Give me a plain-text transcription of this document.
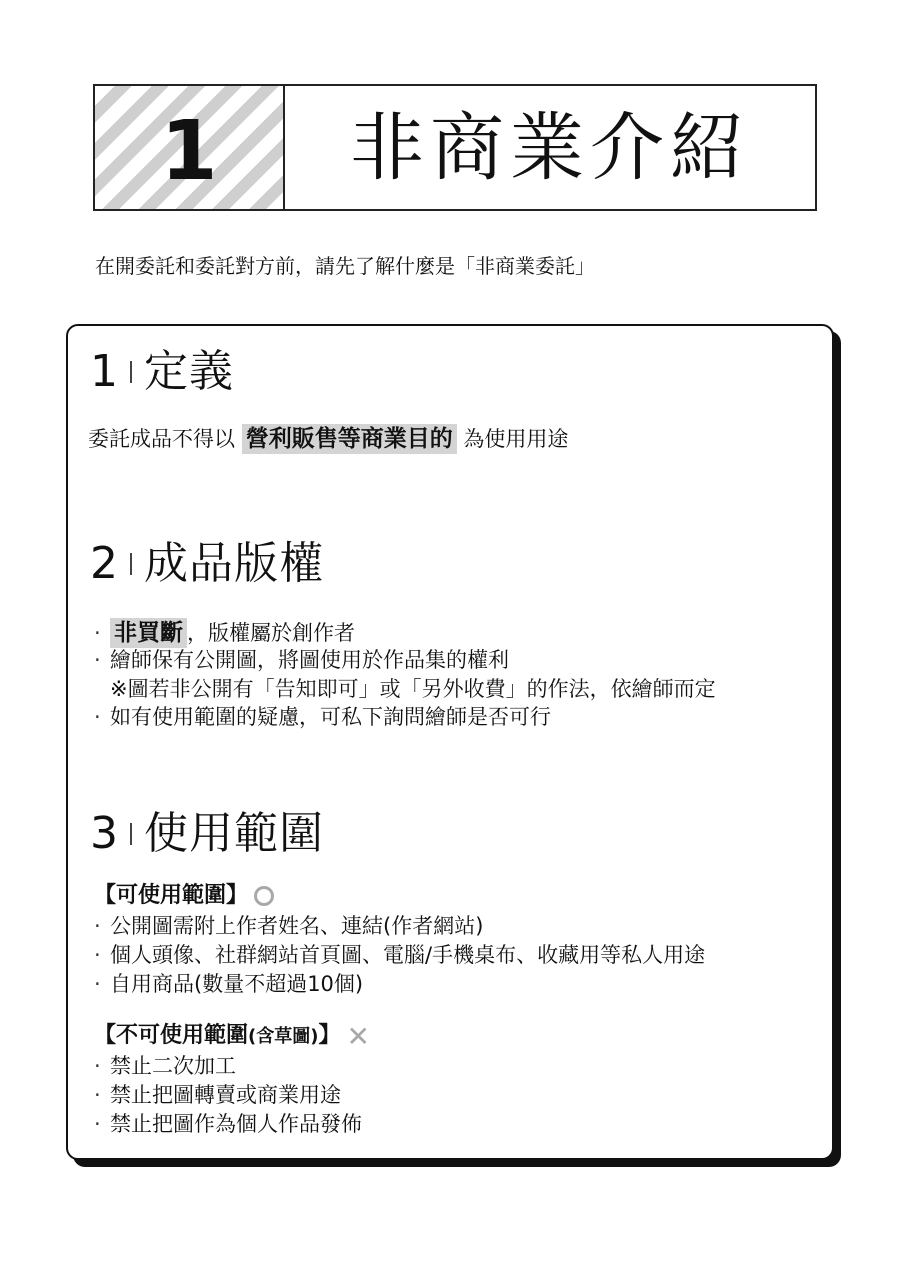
1 非商業介紹
在開委託和委託對方前，請先了解什麼是「非商業委託」
1 定義
委託成品不得以 營利販售等商業目的 為使用用途
2 成品版權
· 非買斷 ，版權屬於創作者
· 繪師保有公開圖，將圖使用於作品集的權利
※圖若非公開有「告知即可」或「另外收費」的作法，依繪師而定
· 如有使用範圍的疑慮，可私下詢問繪師是否可行
3 使用範圍
【可使用範圍】
· 公開圖需附上作者姓名、連結(作者網站)
· 個人頭像、社群網站首頁圖、電腦/手機桌布、收藏用等私人用途
· 自用商品(數量不超過10個)
【不可使用範圍(含草圖)】 ✕
· 禁止二次加工
· 禁止把圖轉賣或商業用途
· 禁止把圖作為個人作品發佈
